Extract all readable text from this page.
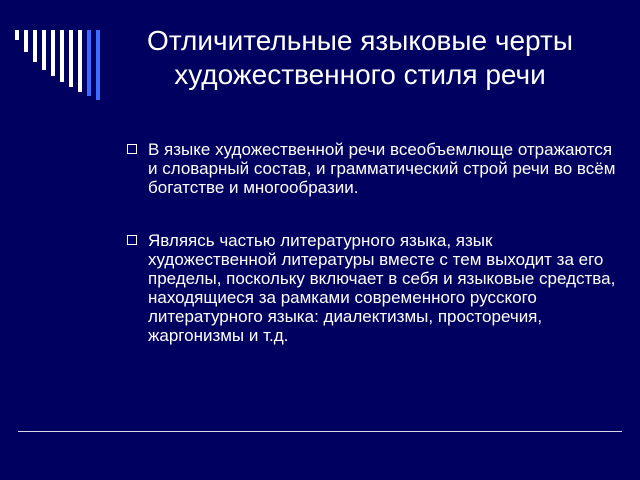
Отличительные языковые черты художественного стиля речи
В языке художественной речи всеобъемлюще отражаются и словарный состав, и грамматический строй речи во всём богатстве и многообразии.
Являясь частью литературного языка, язык художественной литературы вместе с тем выходит за его пределы, поскольку включает в себя и языковые средства, находящиеся за рамками современного русского литературного языка: диалектизмы, просторечия, жаргонизмы и т.д.
